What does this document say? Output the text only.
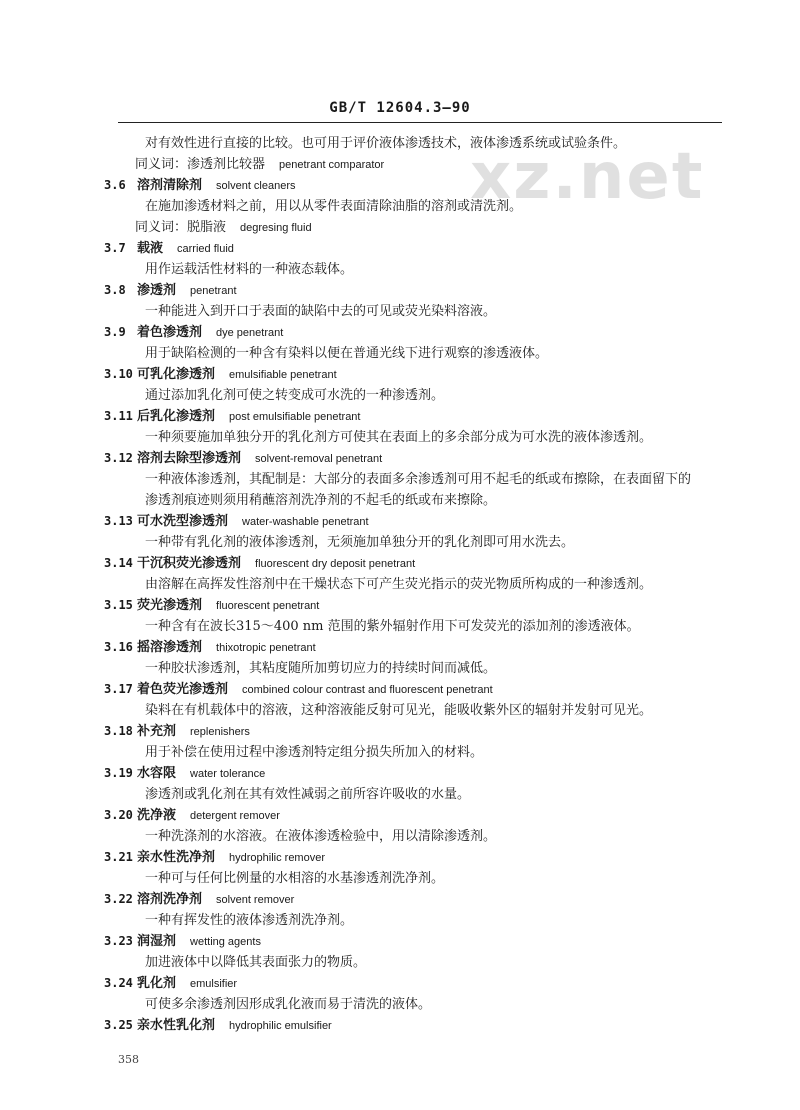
GB/T 12604.3—90
xz.net
对有效性进行直接的比较。也可用于评价液体渗透技术，液体渗透系统或试验条件。
同义词：渗透剂比较器 penetrant comparator
3.6 溶剂清除剂 solvent cleaners
在施加渗透材料之前，用以从零件表面清除油脂的溶剂或清洗剂。
同义词：脱脂液 degresing fluid
3.7 载液 carried fluid
用作运载活性材料的一种液态载体。
3.8 渗透剂 penetrant
一种能进入到开口于表面的缺陷中去的可见或荧光染料溶液。
3.9 着色渗透剂 dye penetrant
用于缺陷检测的一种含有染料以便在普通光线下进行观察的渗透液体。
3.10 可乳化渗透剂 emulsifiable penetrant
通过添加乳化剂可使之转变成可水洗的一种渗透剂。
3.11 后乳化渗透剂 post emulsifiable penetrant
一种须要施加单独分开的乳化剂方可使其在表面上的多余部分成为可水洗的液体渗透剂。
3.12 溶剂去除型渗透剂 solvent-removal penetrant
一种液体渗透剂，其配制是：大部分的表面多余渗透剂可用不起毛的纸或布擦除，在表面留下的
渗透剂痕迹则须用稍蘸溶剂洗净剂的不起毛的纸或布来擦除。
3.13 可水洗型渗透剂 water-washable penetrant
一种带有乳化剂的液体渗透剂，无须施加单独分开的乳化剂即可用水洗去。
3.14 干沉积荧光渗透剂 fluorescent dry deposit penetrant
由溶解在高挥发性溶剂中在干燥状态下可产生荧光指示的荧光物质所构成的一种渗透剂。
3.15 荧光渗透剂 fluorescent penetrant
一种含有在波长315～400 nm 范围的紫外辐射作用下可发荧光的添加剂的渗透液体。
3.16 摇溶渗透剂 thixotropic penetrant
一种胶状渗透剂，其粘度随所加剪切应力的持续时间而减低。
3.17 着色荧光渗透剂 combined colour contrast and fluorescent penetrant
染料在有机载体中的溶液，这种溶液能反射可见光，能吸收紫外区的辐射并发射可见光。
3.18 补充剂 replenishers
用于补偿在使用过程中渗透剂特定组分损失所加入的材料。
3.19 水容限 water tolerance
渗透剂或乳化剂在其有效性减弱之前所容许吸收的水量。
3.20 洗净液 detergent remover
一种洗涤剂的水溶液。在液体渗透检验中，用以清除渗透剂。
3.21 亲水性洗净剂 hydrophilic remover
一种可与任何比例量的水相溶的水基渗透剂洗净剂。
3.22 溶剂洗净剂 solvent remover
一种有挥发性的液体渗透剂洗净剂。
3.23 润湿剂 wetting agents
加进液体中以降低其表面张力的物质。
3.24 乳化剂 emulsifier
可使多余渗透剂因形成乳化液而易于清洗的液体。
3.25 亲水性乳化剂 hydrophilic emulsifier
358
